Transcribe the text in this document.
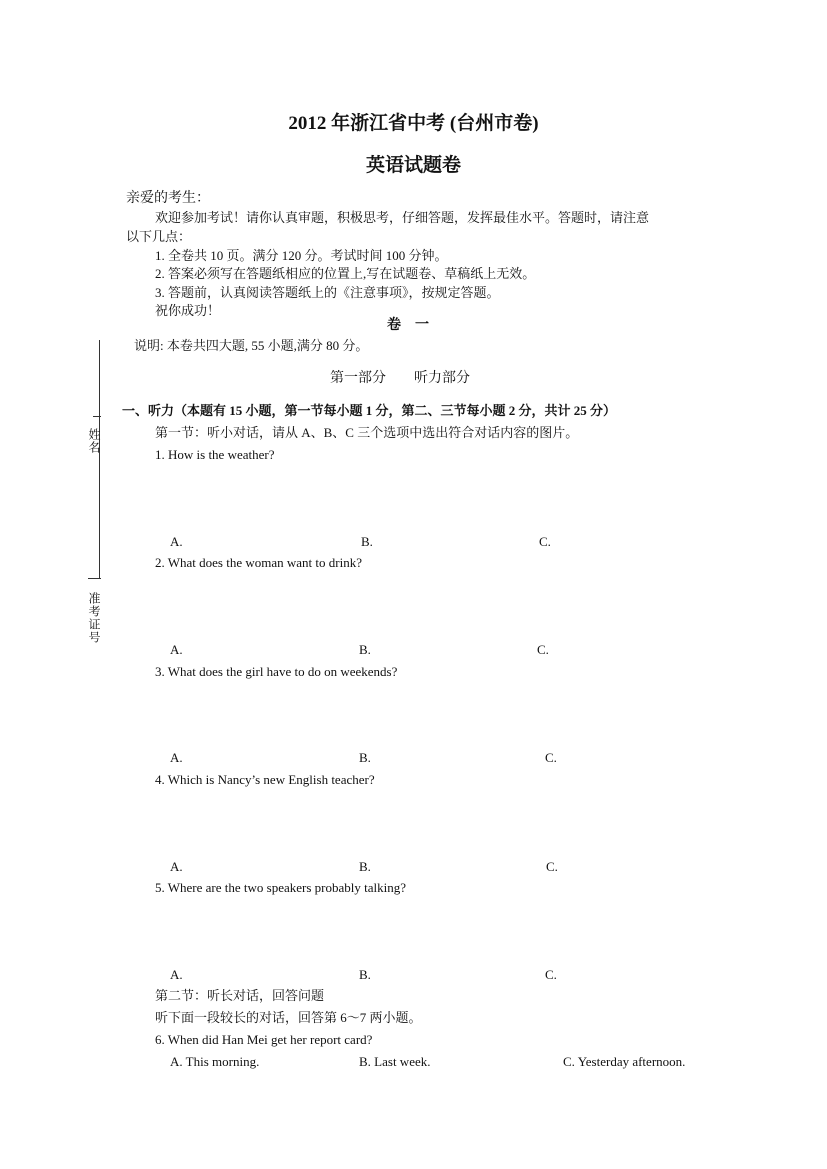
姓名
准考证号
2012 年浙江省中考 (台州市卷)
英语试题卷
亲爱的考生：
欢迎参加考试！请你认真审题，积极思考，仔细答题，发挥最佳水平。答题时，请注意
以下几点：
1. 全卷共 10 页。满分 120 分。考试时间 100 分钟。
2. 答案必须写在答题纸相应的位置上,写在试题卷、草稿纸上无效。
3. 答题前，认真阅读答题纸上的《注意事项》，按规定答题。
祝你成功！
卷　一
说明: 本卷共四大题, 55 小题,满分 80 分。
第一部分　　听力部分
一、听力（本题有 15 小题，第一节每小题 1 分，第二、三节每小题 2 分，共计 25 分）
第一节：听小对话，请从 A、B、C 三个选项中选出符合对话内容的图片。
1. How is the weather?
A.	B.	C.
2. What does the woman want to drink?
A.	B.	C.
3. What does the girl have to do on weekends?
A.	B.	C.
4. Which is Nancy’s new English teacher?
A.	B.	C.
5. Where are the two speakers probably talking?
A.	B.	C.
第二节：听长对话，回答问题
听下面一段较长的对话，回答第 6～7 两小题。
6. When did Han Mei get her report card?
A. This morning.	B. Last week.	C. Yesterday afternoon.
